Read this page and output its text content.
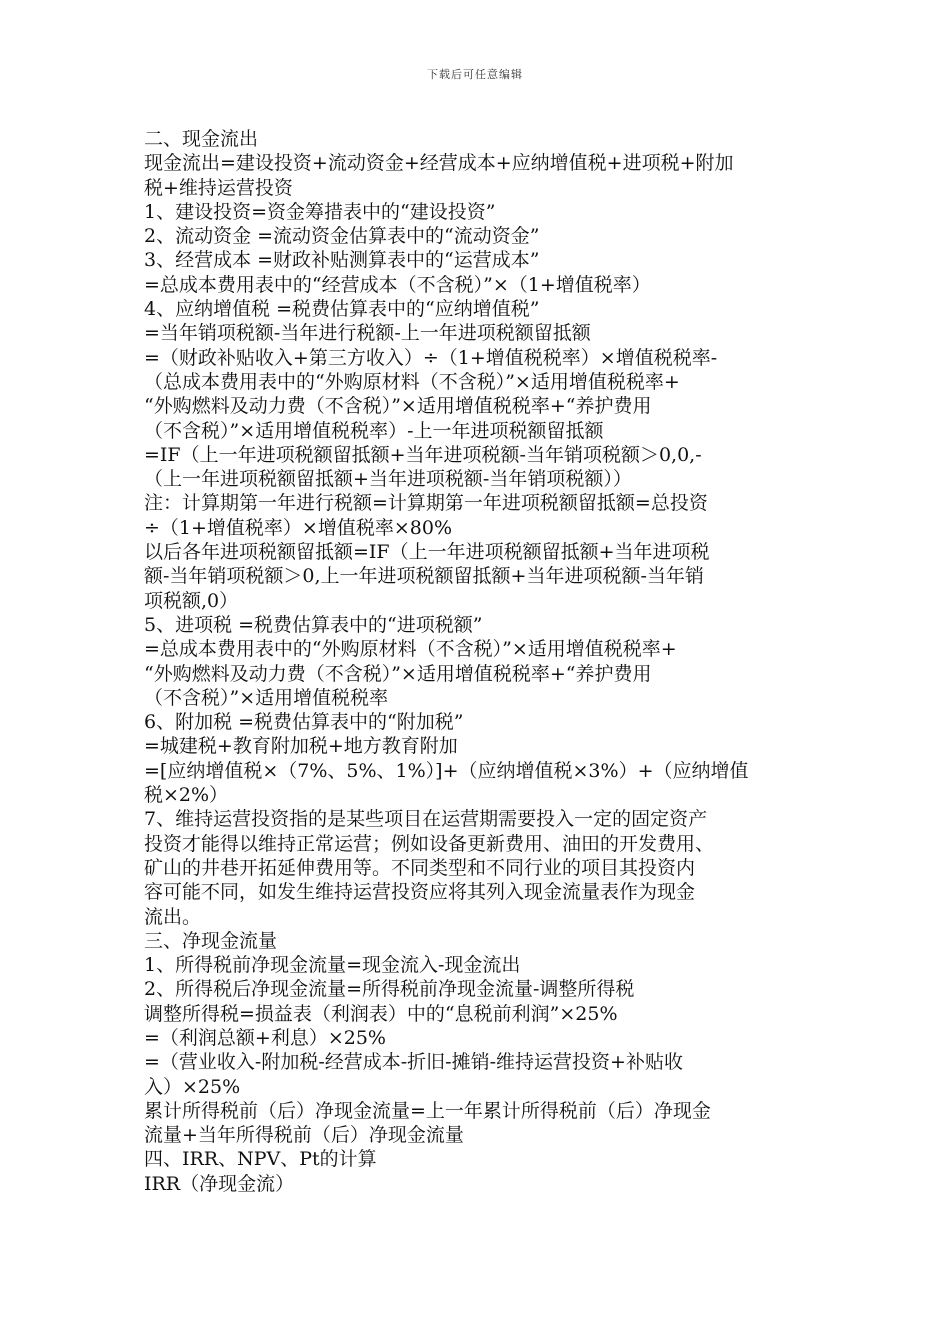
下载后可任意编辑
二、现金流出
现金流出=建设投资+流动资金+经营成本+应纳增值税+进项税+附加
税+维持运营投资
1、建设投资=资金筹措表中的“建设投资”
2、流动资金 =流动资金估算表中的“流动资金”
3、经营成本 =财政补贴测算表中的“运营成本”
=总成本费用表中的“经营成本（不含税）”×（1+增值税率）
4、应纳增值税 =税费估算表中的“应纳增值税”
=当年销项税额-当年进行税额-上一年进项税额留抵额
=（财政补贴收入+第三方收入）÷（1+增值税税率）×增值税税率-
（总成本费用表中的“外购原材料（不含税）”×适用增值税税率+
“外购燃料及动力费（不含税）”×适用增值税税率+“养护费用
（不含税）”×适用增值税税率）-上一年进项税额留抵额
=IF（上一年进项税额留抵额+当年进项税额-当年销项税额＞0,0,-
（上一年进项税额留抵额+当年进项税额-当年销项税额））
注：计算期第一年进行税额=计算期第一年进项税额留抵额=总投资
÷（1+增值税率）×增值税率×80%
以后各年进项税额留抵额=IF（上一年进项税额留抵额+当年进项税
额-当年销项税额＞0,上一年进项税额留抵额+当年进项税额-当年销
项税额,0）
5、进项税 =税费估算表中的“进项税额”
=总成本费用表中的“外购原材料（不含税）”×适用增值税税率+
“外购燃料及动力费（不含税）”×适用增值税税率+“养护费用
（不含税）”×适用增值税税率
6、附加税 =税费估算表中的“附加税”
=城建税+教育附加税+地方教育附加
=[应纳增值税×（7%、5%、1%）]+（应纳增值税×3%）+（应纳增值
税×2%）
7、维持运营投资指的是某些项目在运营期需要投入一定的固定资产
投资才能得以维持正常运营；例如设备更新费用、油田的开发费用、
矿山的井巷开拓延伸费用等。不同类型和不同行业的项目其投资内
容可能不同，如发生维持运营投资应将其列入现金流量表作为现金
流出。
三、净现金流量
1、所得税前净现金流量=现金流入-现金流出
2、所得税后净现金流量=所得税前净现金流量-调整所得税
调整所得税=损益表（利润表）中的“息税前利润”×25%
=（利润总额+利息）×25%
=（营业收入-附加税-经营成本-折旧-摊销-维持运营投资+补贴收
入）×25%
累计所得税前（后）净现金流量=上一年累计所得税前（后）净现金
流量+当年所得税前（后）净现金流量
四、IRR、NPV、Pt的计算
IRR（净现金流）
